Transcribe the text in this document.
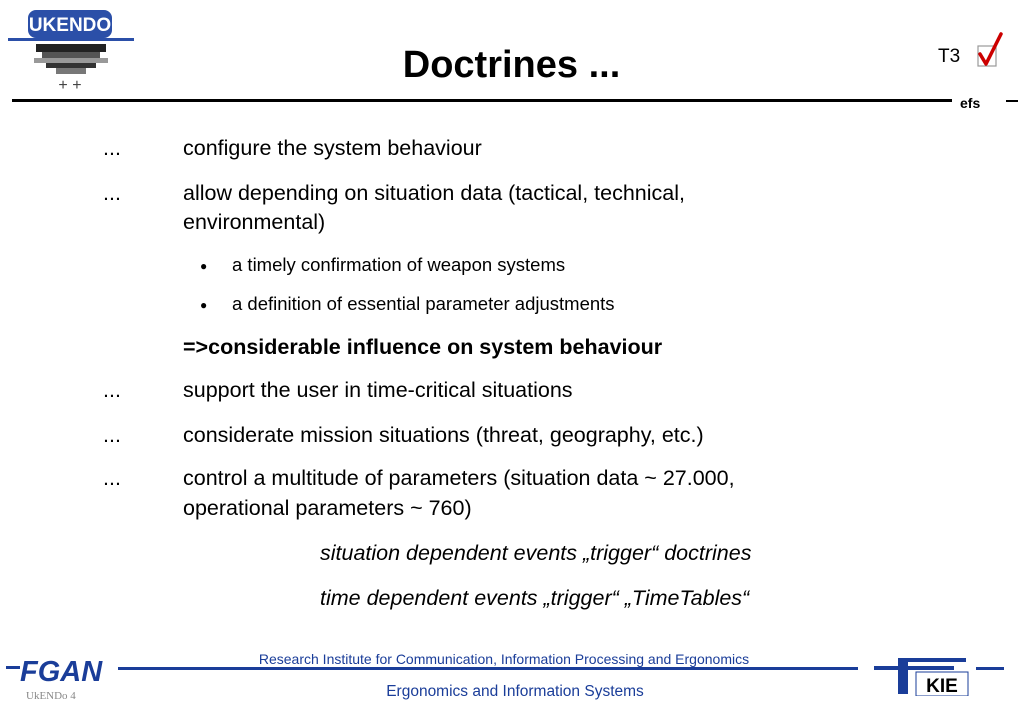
UKENDO
+ +	Doctrines ...	T3
efs
...	configure the system behaviour
...	allow depending on situation data (tactical, technical,
environmental)
● a timely confirmation of weapon systems
● a definition of essential parameter adjustments
=>considerable influence on system behaviour
...	support the user in time-critical situations
...	considerate mission situations (threat, geography, etc.)
...	control a multitude of parameters (situation data ~ 27.000,
operational parameters ~ 760)
situation dependent events „trigger“ doctrines
time dependent events „trigger“ „TimeTables“
FGAN	Research Institute for Communication, Information Processing and Ergonomics
Ergonomics and Information Systems
UkENDo 4	KIE
